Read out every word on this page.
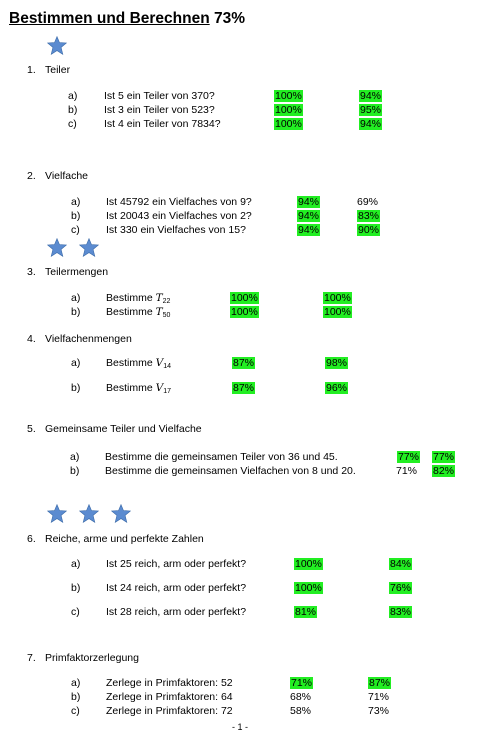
Bestimmen und Berechnen 73%
1. Teiler
a)	Ist 5 ein Teiler von 370?	100%	94%
b)	Ist 3 ein Teiler von 523?	100%	95%
c)	Ist 4 ein Teiler von 7834?	100%	94%
2. Vielfache
a) Ist 45792 ein Vielfaches von 9?	94%	69%
b) Ist 20043 ein Vielfaches von 2?	94%	83%
c)	Ist 330 ein Vielfaches von 15?	94%	90%
3. Teilermengen
a) Bestimme $T_{22}$	100%	100%
b) Bestimme $T_{50}$	100%	100%
4. Vielfachenmengen
a) Bestimme $V_{14}$	87%	98%
b) Bestimme $V_{17}$	87%	96%
5. Gemeinsame Teiler und Vielfache
a) Bestimme die gemeinsamen Teiler von 36 und 45.	77% 77%
b) Bestimme die gemeinsamen Vielfachen von 8 und 20.	71% 82%
6. Reiche, arme und perfekte Zahlen
a) Ist 25 reich, arm oder perfekt?	100%	84%
b) Ist 24 reich, arm oder perfekt?	100%	76%
c)	Ist 28 reich, arm oder perfekt?	81%	83%
7. Primfaktorzerlegung
a) Zerlege in Primfaktoren: 52	71%	87%
b) Zerlege in Primfaktoren: 64	68%	71%
c)	Zerlege in Primfaktoren: 72	58%	73%
- 1 -
